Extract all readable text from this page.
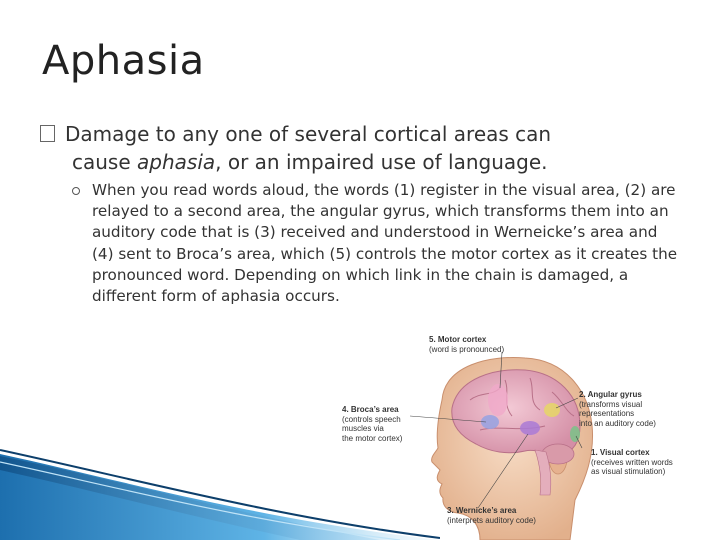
Aphasia
Damage to any one of several cortical areas can
cause aphasia, or an impaired use of language.
When you read words aloud, the words (1) register in the visual area, (2) are relayed to a second area, the angular gyrus, which transforms them into an auditory code that is (3) received and understood in Werneicke’s area and (4) sent to Broca’s area, which (5) controls the motor cortex as it creates the pronounced word. Depending on which link in the chain is damaged, a different form of aphasia occurs.
5. Motor cortex
(word is pronounced)
2. Angular gyrus
(transforms visual
representations
into an auditory code)
4. Broca’s area
(controls speech
muscles via
the motor cortex)
1. Visual cortex
(receives written words
as visual stimulation)
3. Wernicke’s area
(interprets auditory code)
